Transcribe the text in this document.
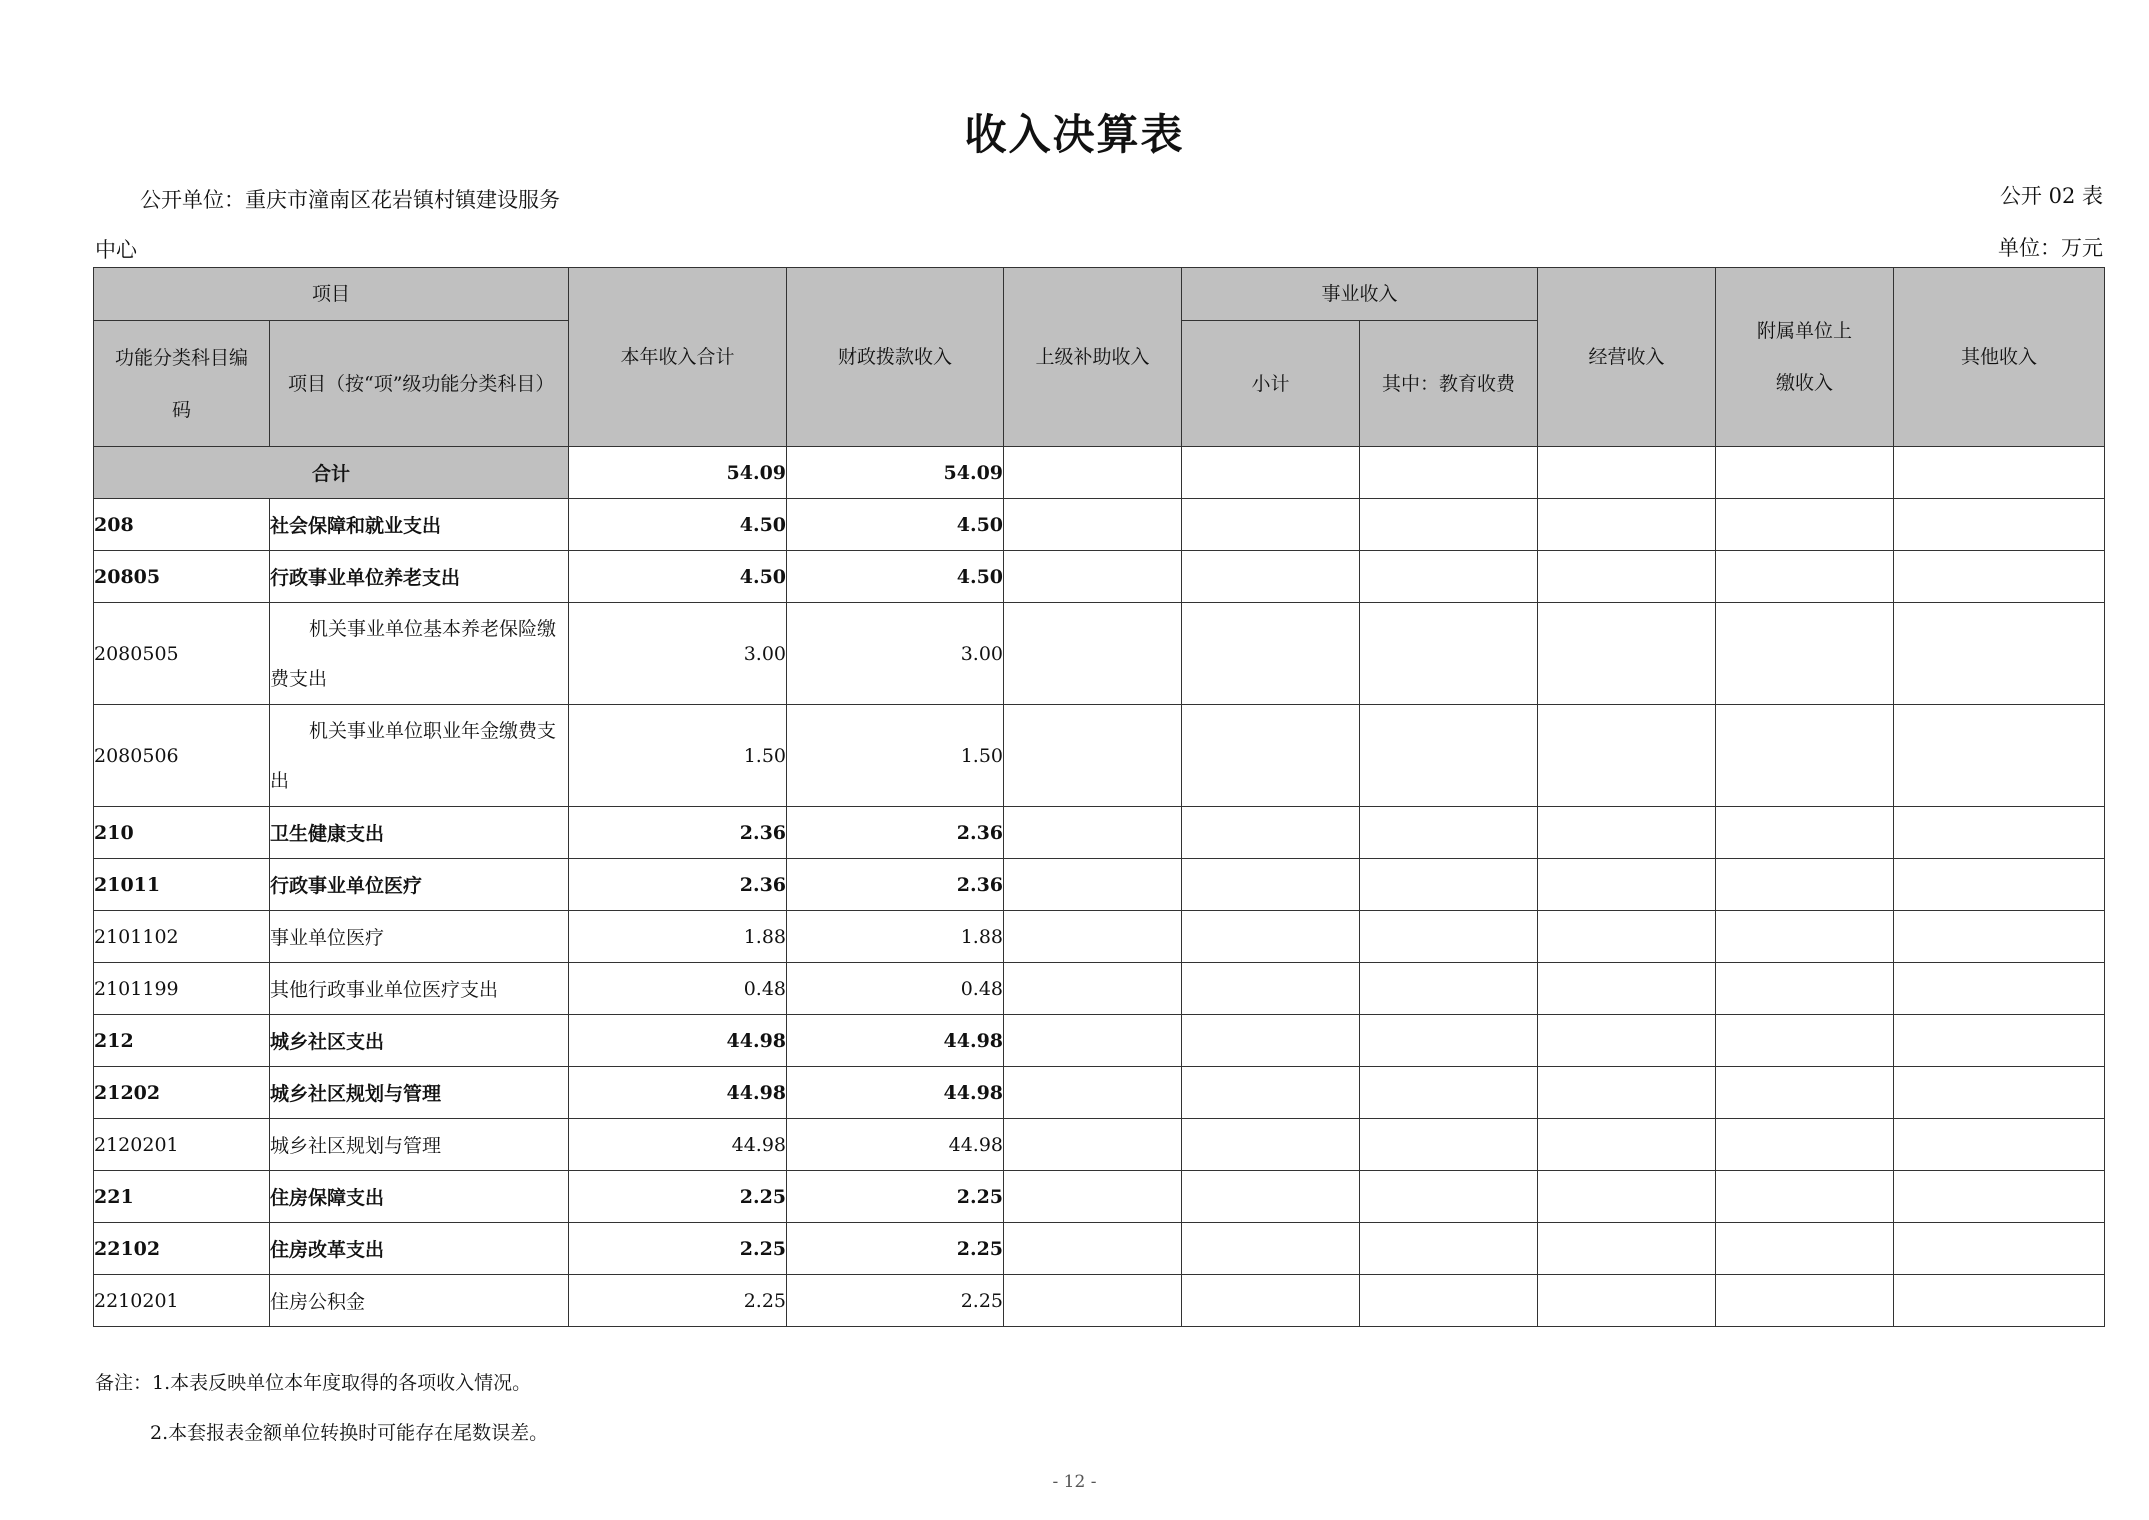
收入决算表
公开单位：重庆市潼南区花岩镇村镇建设服务
中心
公开 02 表
单位：万元
项目		本年收入合计	财政拨款收入	上级补助收入	事业收入		经营收入	附属单位上缴收入	其他收入
功能分类科目编码	项目（按“项”级功能分类科目）				小计	其中：教育收费			
合计		54.09	54.09						
208	社会保障和就业支出	4.50	4.50						
20805	行政事业单位养老支出	4.50	4.50						
2080505	机关事业单位基本养老保险缴费支出	3.00	3.00						
2080506	机关事业单位职业年金缴费支出	1.50	1.50						
210	卫生健康支出	2.36	2.36						
21011	行政事业单位医疗	2.36	2.36						
2101102	事业单位医疗	1.88	1.88						
2101199	其他行政事业单位医疗支出	0.48	0.48						
212	城乡社区支出	44.98	44.98						
21202	城乡社区规划与管理	44.98	44.98						
2120201	城乡社区规划与管理	44.98	44.98						
221	住房保障支出	2.25	2.25						
22102	住房改革支出	2.25	2.25						
2210201	住房公积金	2.25	2.25						
备注：1.本表反映单位本年度取得的各项收入情况。
2.本套报表金额单位转换时可能存在尾数误差。
- 12 -
